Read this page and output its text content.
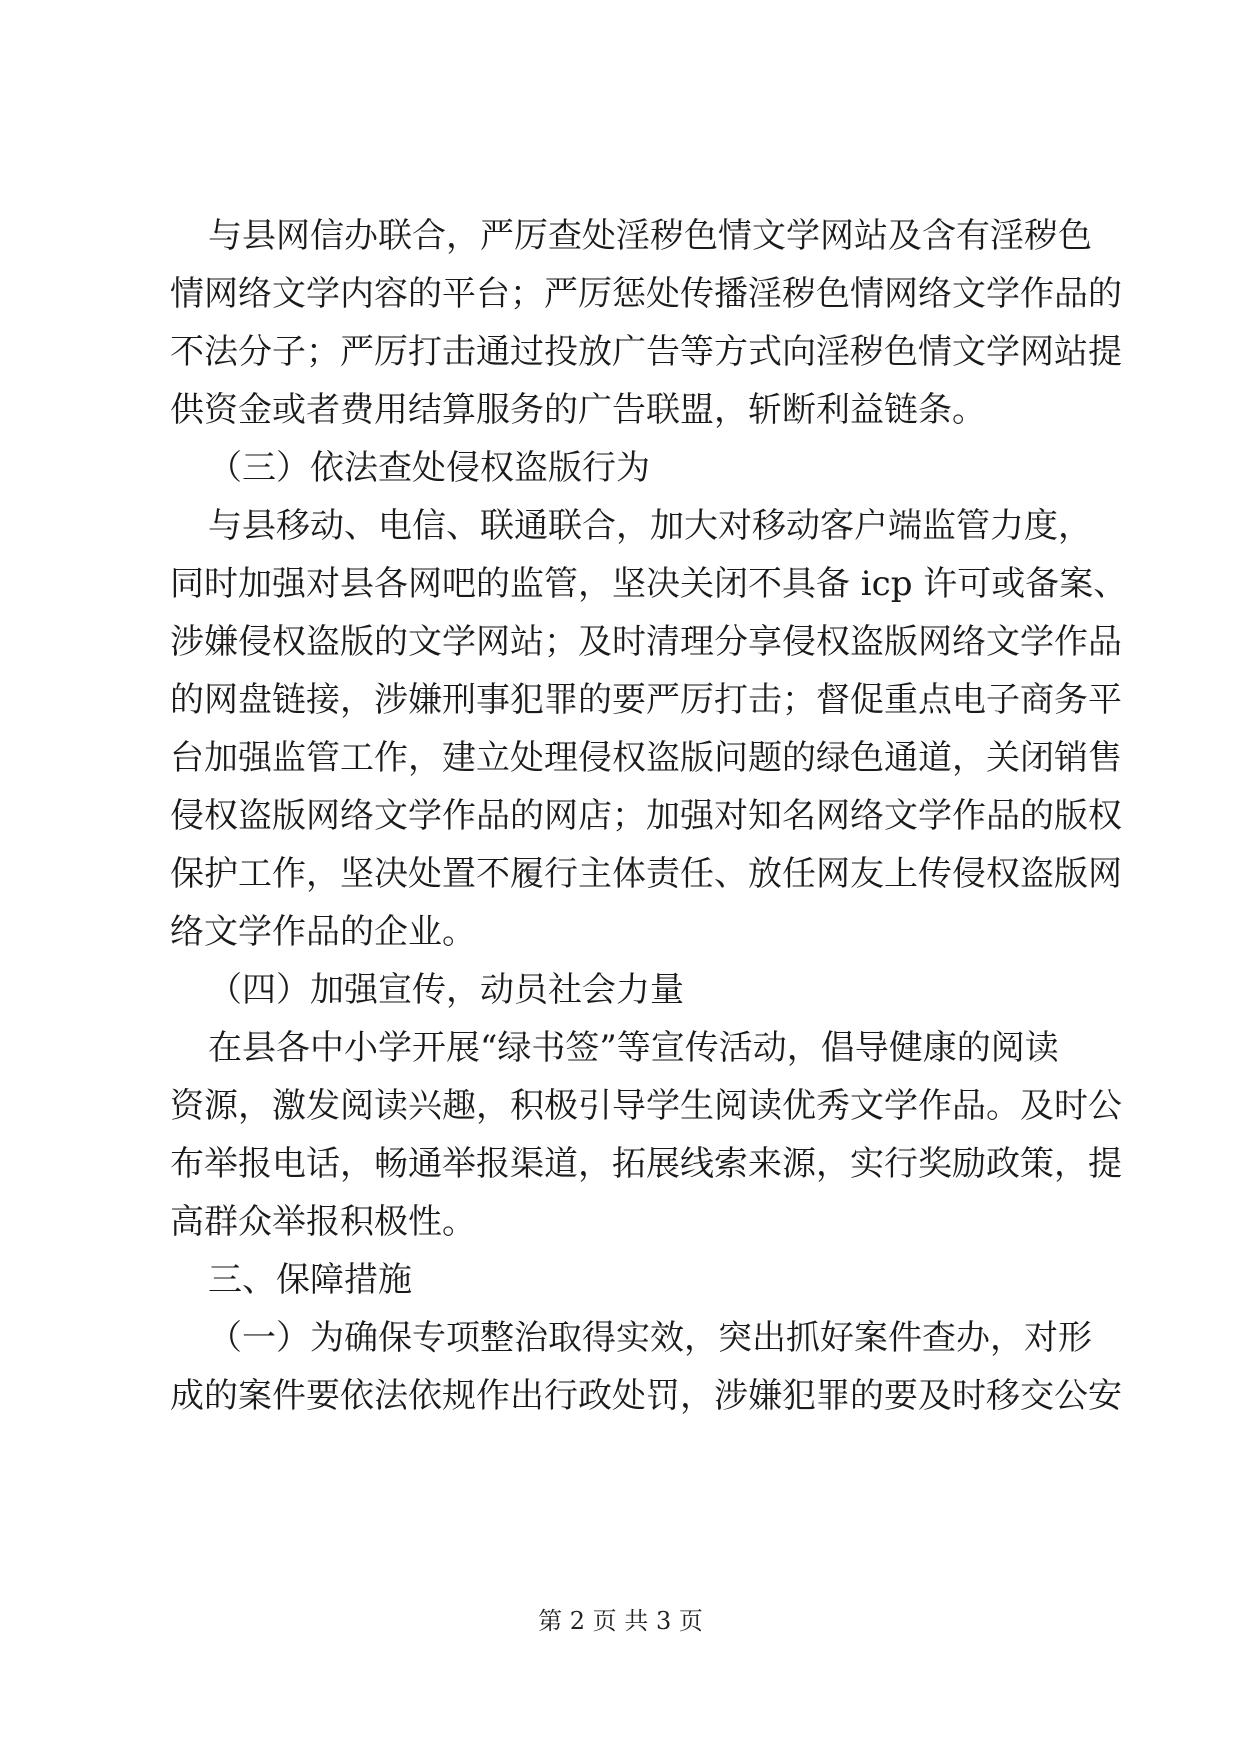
与县网信办联合，严厉查处淫秽色情文学网站及含有淫秽色
情网络文学内容的平台；严厉惩处传播淫秽色情网络文学作品的
不法分子；严厉打击通过投放广告等方式向淫秽色情文学网站提
供资金或者费用结算服务的广告联盟，斩断利益链条。
（三）依法查处侵权盗版行为
与县移动、电信、联通联合，加大对移动客户端监管力度，
同时加强对县各网吧的监管，坚决关闭不具备 icp 许可或备案、
涉嫌侵权盗版的文学网站；及时清理分享侵权盗版网络文学作品
的网盘链接，涉嫌刑事犯罪的要严厉打击；督促重点电子商务平
台加强监管工作，建立处理侵权盗版问题的绿色通道，关闭销售
侵权盗版网络文学作品的网店；加强对知名网络文学作品的版权
保护工作，坚决处置不履行主体责任、放任网友上传侵权盗版网
络文学作品的企业。
（四）加强宣传，动员社会力量
在县各中小学开展“绿书签”等宣传活动，倡导健康的阅读
资源，激发阅读兴趣，积极引导学生阅读优秀文学作品。及时公
布举报电话，畅通举报渠道，拓展线索来源，实行奖励政策，提
高群众举报积极性。
三、保障措施
（一）为确保专项整治取得实效，突出抓好案件查办，对形
成的案件要依法依规作出行政处罚，涉嫌犯罪的要及时移交公安
第 2 页 共 3 页
